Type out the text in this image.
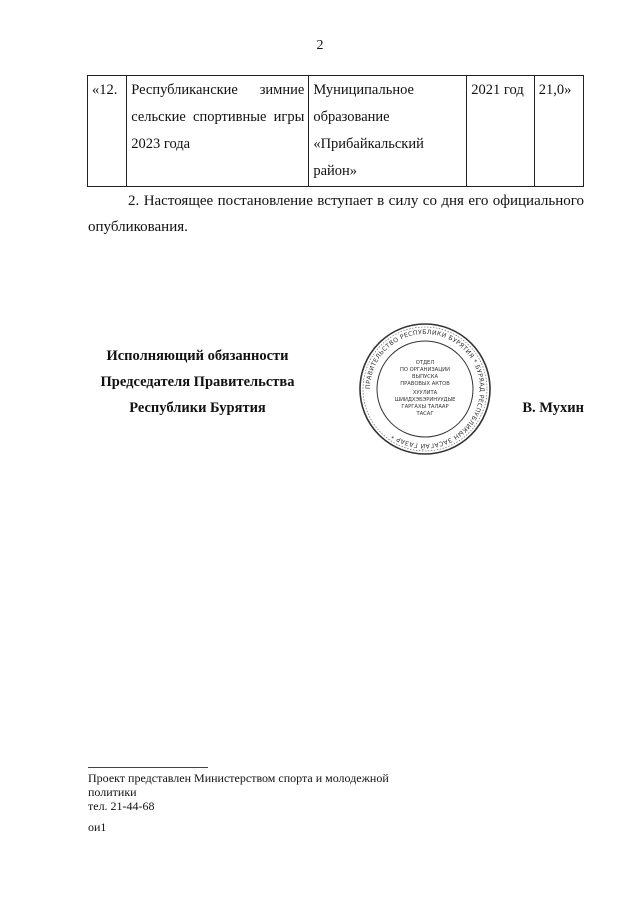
2
«12.	Республиканские зимние сельские спортивные игры 2023 года	Муниципальное образование «Прибайкальский район»	2021 год	21,0»

2. Настоящее постановление вступает в силу со дня его официального опубликования.

Исполняющий обязанности
Председателя Правительства
Республики Бурятия
ПРАВИТЕЛЬСТВО РЕСПУБЛИКИ БУРЯТИЯ * БУРЯАД РЕСПУБЛИКЫН ЗАСАГАЙ ГАЗАР *
ОТДЕЛ
ПО ОРГАНИЗАЦИИ
ВЫПУСКА
ПРАВОВЫХ АКТОВ
ХУУЛИТА
ШИИДХЭБЭРИНУУДЫЕ
ГАРГАХЫ ТАЛААР
ТАСАГ	В. Мухин
Проект представлен Министерством спорта и молодежной политики
тел. 21-44-68
ои1
